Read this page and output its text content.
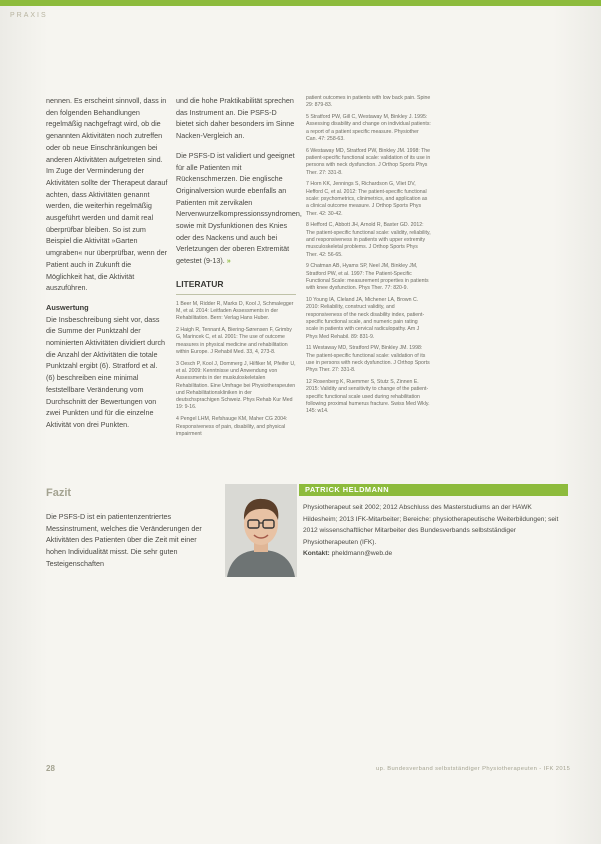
PRAXIS

nennen. Es erscheint sinnvoll, dass in den folgenden Behandlungen regelmäßig nachgefragt wird, ob die genannten Aktivitäten noch zutreffen oder ob neue Einschränkungen bei anderen Aktivitäten aufgetreten sind. Im Zuge der Verminderung der Aktivitäten sollte der Therapeut darauf achten, dass Aktivitäten genannt werden, die weiterhin regelmäßig ausgeführt werden und damit real überprüfbar bleiben. So ist zum Beispiel die Aktivität »Garten umgraben« nur überprüfbar, wenn der Patient auch in Zukunft die Möglichkeit hat, die Aktivität auszuführen.

Auswertung

Die Insbeschreibung sieht vor, dass die Summe der Punktzahl der nominierten Aktivitäten dividiert durch die Anzahl der Aktivitäten die totale Punktzahl ergibt (6). Stratford et al. (6) beschreiben eine minimal feststellbare Veränderung vom Durchschnitt der Bewertungen von zwei Punkten und für die einzelne Aktivität von drei Punkten.

und die hohe Praktikabilität sprechen das Instrument an. Die PSFS-D bietet sich daher besonders im Sinne Nacken-Vergleich an.

Die PSFS-D ist validiert und geeignet für alle Patienten mit Rückenschmerzen. Die englische Originalversion wurde ebenfalls an Patienten mit zervikalen Nervenwurzelkompressionssyndromen, sowie mit Dysfunktionen des Knies oder des Nackens und auch bei Verletzungen der oberen Extremität getestet (9-13). »

LITERATUR
1 Beer M, Ridder R, Marks D, Kool J, Schmalegger M, et al. 2014: Leitfaden Assessments in der Rehabilitation. Bern: Verlag Hans Huber.
2 Haigh R, Tennant A, Biering-Sørensen F, Grimby G, Marincek C, et al. 2001: The use of outcome measures in physical medicine and rehabilitation within Europe. J Rehabil Med. 33, 4, 273-8.
3 Oesch P, Kool J, Dommerg J, Hilfiker M, Pfeifer U, et al. 2009: Kenntnisse und Anwendung von Assessments in der muskuloskeletalen Rehabilitation. Eine Umfrage bei Physiotherapeuten und Rehabilitationskliniken in der deutschsprachigen Schweiz. Phys Rehab Kur Med 19: 9-16.
4 Pengel LHM, Refshauge KM, Maher CG 2004: Responsiveness of pain, disability, and physical impairment
patient outcomes in patients with low back pain. Spine 29: 879-83.
5 Stratford PW, Gill C, Westaway M, Binkley J. 1995: Assessing disability and change on individual patients: a report of a patient specific measure. Physiother Can. 47: 258-63.
6 Westaway MD, Stratford PW, Binkley JM. 1998: The patient-specific functional scale: validation of its use in persons with neck dysfunction. J Orthop Sports Phys Ther. 27: 331-8.
7 Horn KK, Jennings S, Richardson G, Vliet DV, Hefford C, et al. 2012: The patient-specific functional scale: psychometrics, clinimetrics, and application as a clinical outcome measure. J Orthop Sports Phys Ther. 42: 30-42.
8 Hefford C, Abbott JH, Arnold R, Baxter GD. 2012: The patient-specific functional scale: validity, reliability, and responsiveness in patients with upper extremity musculoskeletal problems. J Orthop Sports Phys Ther. 42: 56-65.
9 Chatman AB, Hyams SP, Neel JM, Binkley JM, Stratford PW, et al. 1997: The Patient-Specific Functional Scale: measurement properties in patients with knee dysfunction. Phys Ther. 77: 820-9.
10 Young IA, Cleland JA, Michener LA, Brown C. 2010: Reliability, construct validity, and responsiveness of the neck disability index, patient-specific functional scale, and numeric pain rating scale in patients with cervical radiculopathy. Am J Phys Med Rehabil. 89: 831-9.
11 Westaway MD, Stratford PW, Binkley JM. 1998: The patient-specific functional scale: validation of its use in persons with neck dysfunction. J Orthop Sports Phys Ther. 27: 331-8.
12 Rosenberg K, Ruemmer S, Stutz S, Zinnen E. 2015: Validity and sensitivity to change of the patient-specific functional scale used during rehabilitation following proximal humerus fracture. Swiss Med Wkly. 145: w14.

Fazit

Die PSFS-D ist ein patientenzentriertes Messinstrument, welches die Veränderungen der Aktivitäten des Patienten über die Zeit mit einer hohen Individualität misst. Die sehr guten Testeigenschaften

PATRICK HELDMANN
Physiotherapeut seit 2002; 2012 Abschluss des Masterstudiums an der HAWK Hildesheim; 2013 IFK-Mitarbeiter; Bereiche: physiotherapeutische Weiterbildungen; seit 2012 wissenschaftlicher Mitarbeiter des Bundesverbands selbstständiger Physiotherapeuten (IFK).
Kontakt: pheldmann@web.de
28	up. Bundesverband selbstständiger Physiotherapeuten - IFK 2015
